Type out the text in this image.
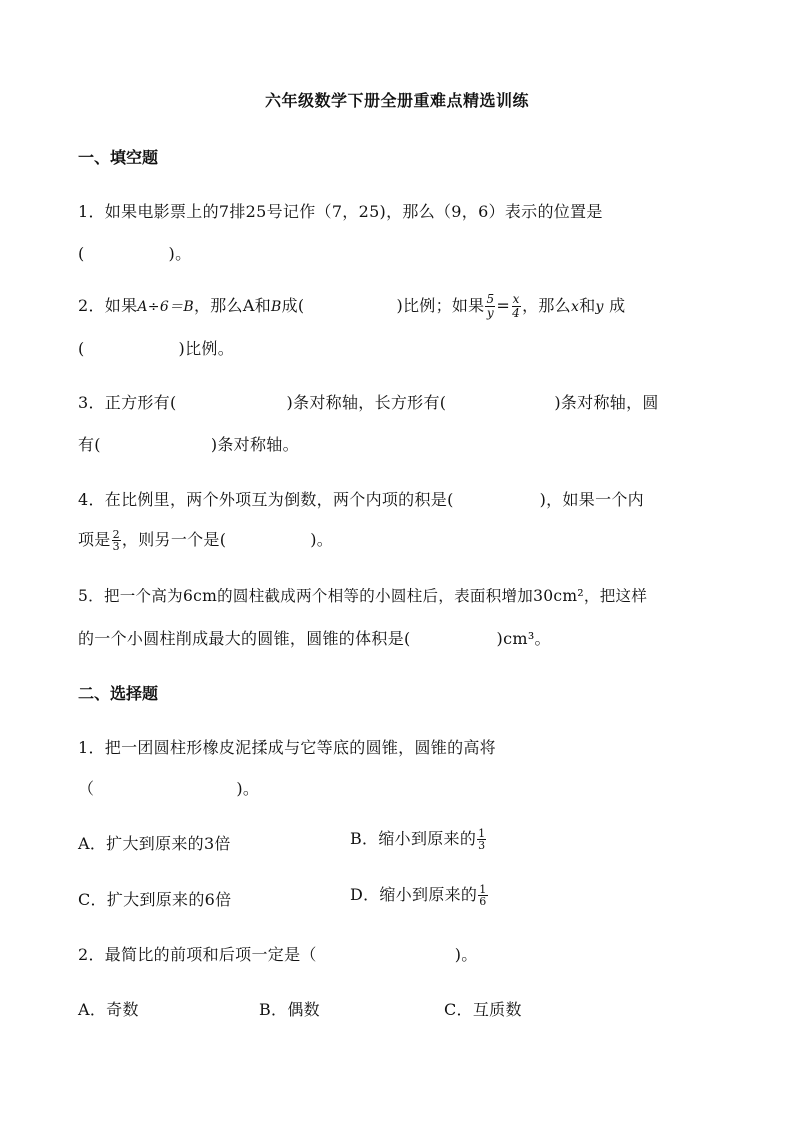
六年级数学下册全册重难点精选训练
一、填空题
1．如果电影票上的7排25号记作（7，25)，那么（9，6）表示的位置是
(	)。
2．如果A÷6＝B，那么A和B成(	)比例；如果 $\frac{5}{y} = \frac{x}{4}$ ，那么x和y 成
(	)比例。
3．正方形有(	)条对称轴，长方形有(	)条对称轴，圆
有(	)条对称轴。
4．在比例里，两个外项互为倒数，两个内项的积是(	)，如果一个内
项是 $\frac{2}{3}$ ，则另一个是(	)。
5．把一个高为6cm的圆柱截成两个相等的小圆柱后，表面积增加30cm²，把这样
的一个小圆柱削成最大的圆锥，圆锥的体积是(	)cm³。
二、选择题
1．把一团圆柱形橡皮泥揉成与它等底的圆锥，圆锥的高将
（	)。
A．扩大到原来的3倍	B．缩小到原来的 $\frac{1}{3}$
C．扩大到原来的6倍	D．缩小到原来的 $\frac{1}{6}$
2．最简比的前项和后项一定是（	)。
A．奇数	B．偶数	C．互质数
